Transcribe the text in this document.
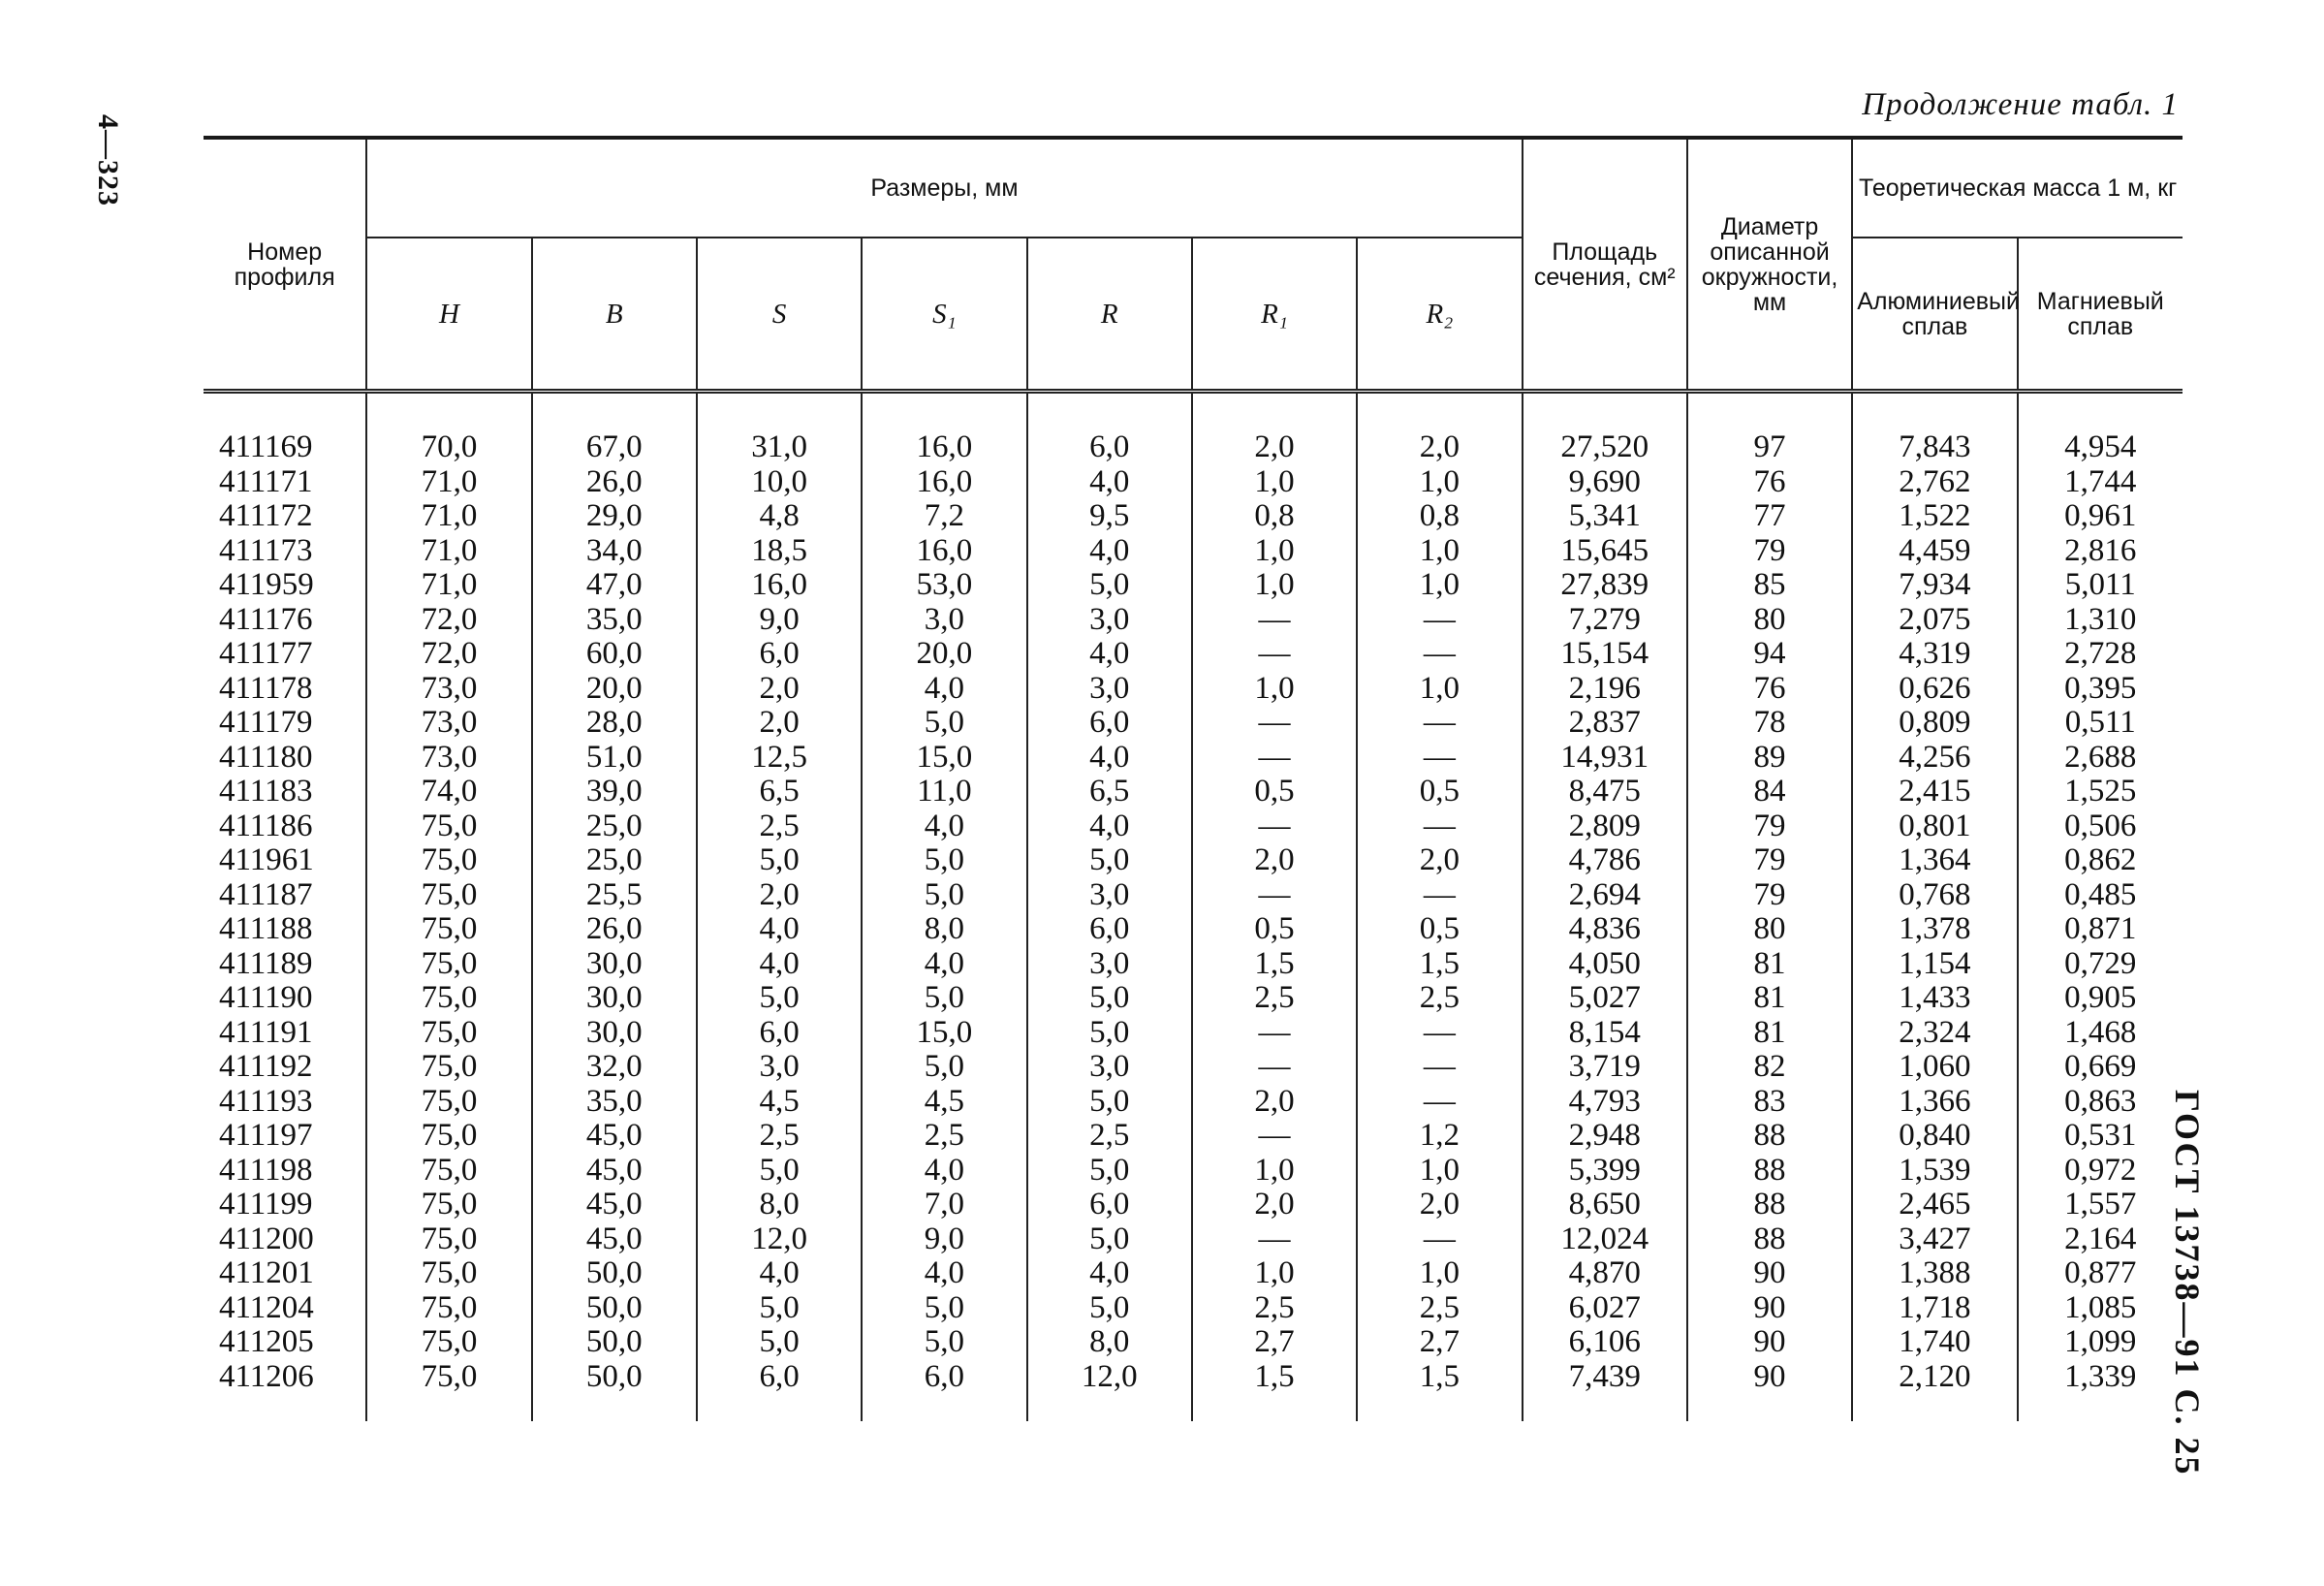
4—323
Продолжение табл. 1
ГОСТ 13738—91 С. 25
Номер профиля	Размеры, мм							Площадь сечения, см²	Диаметр описанной окружности, мм	Теоретическая масса 1 м, кг	
	H	B	S	S₁	R	R₁	R₂			Алюминиевый сплав	Магниевый сплав

411169	70,0	67,0	31,0	16,0	6,0	2,0	2,0	27,520	97	7,843	4,954
411171	71,0	26,0	10,0	16,0	4,0	1,0	1,0	9,690	76	2,762	1,744
411172	71,0	29,0	4,8	7,2	9,5	0,8	0,8	5,341	77	1,522	0,961
411173	71,0	34,0	18,5	16,0	4,0	1,0	1,0	15,645	79	4,459	2,816
411959	71,0	47,0	16,0	53,0	5,0	1,0	1,0	27,839	85	7,934	5,011
411176	72,0	35,0	9,0	3,0	3,0	—	—	7,279	80	2,075	1,310
411177	72,0	60,0	6,0	20,0	4,0	—	—	15,154	94	4,319	2,728
411178	73,0	20,0	2,0	4,0	3,0	1,0	1,0	2,196	76	0,626	0,395
411179	73,0	28,0	2,0	5,0	6,0	—	—	2,837	78	0,809	0,511
411180	73,0	51,0	12,5	15,0	4,0	—	—	14,931	89	4,256	2,688
411183	74,0	39,0	6,5	11,0	6,5	0,5	0,5	8,475	84	2,415	1,525
411186	75,0	25,0	2,5	4,0	4,0	—	—	2,809	79	0,801	0,506
411961	75,0	25,0	5,0	5,0	5,0	2,0	2,0	4,786	79	1,364	0,862
411187	75,0	25,5	2,0	5,0	3,0	—	—	2,694	79	0,768	0,485
411188	75,0	26,0	4,0	8,0	6,0	0,5	0,5	4,836	80	1,378	0,871
411189	75,0	30,0	4,0	4,0	3,0	1,5	1,5	4,050	81	1,154	0,729
411190	75,0	30,0	5,0	5,0	5,0	2,5	2,5	5,027	81	1,433	0,905
411191	75,0	30,0	6,0	15,0	5,0	—	—	8,154	81	2,324	1,468
411192	75,0	32,0	3,0	5,0	3,0	—	—	3,719	82	1,060	0,669
411193	75,0	35,0	4,5	4,5	5,0	2,0	—	4,793	83	1,366	0,863
411197	75,0	45,0	2,5	2,5	2,5	—	1,2	2,948	88	0,840	0,531
411198	75,0	45,0	5,0	4,0	5,0	1,0	1,0	5,399	88	1,539	0,972
411199	75,0	45,0	8,0	7,0	6,0	2,0	2,0	8,650	88	2,465	1,557
411200	75,0	45,0	12,0	9,0	5,0	—	—	12,024	88	3,427	2,164
411201	75,0	50,0	4,0	4,0	4,0	1,0	1,0	4,870	90	1,388	0,877
411204	75,0	50,0	5,0	5,0	5,0	2,5	2,5	6,027	90	1,718	1,085
411205	75,0	50,0	5,0	5,0	8,0	2,7	2,7	6,106	90	1,740	1,099
411206	75,0	50,0	6,0	6,0	12,0	1,5	1,5	7,439	90	2,120	1,339
